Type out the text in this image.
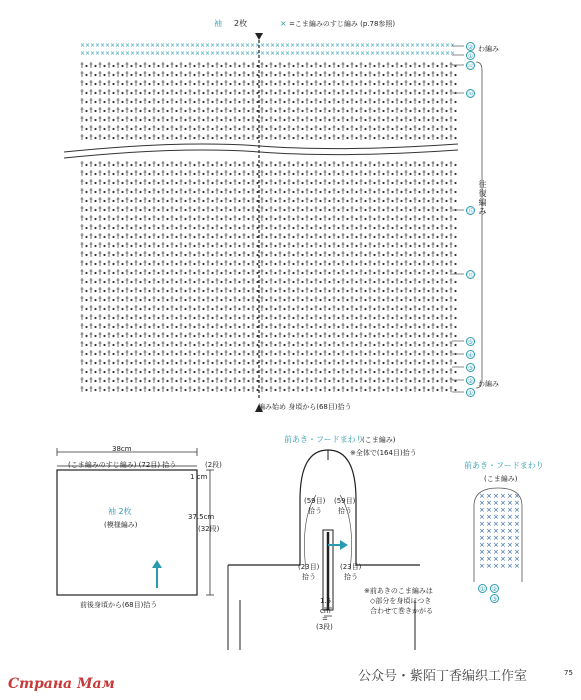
袖 2枚	× =こま編みのすじ編み (p.78参照)
× × × × × × × × × × × × × × × × × × × × × × × × × × × × × × × × × × × × × × × × × × × × × × × × × × × × × × × × × × × × × × × × × × × × × × × × × × ×
× × × × × × × × × × × × × × × × × × × × × × × × × × × × × × × × × × × × × × × × × × × × × × × × × × × × × × × × × × × × × × × × × × × × × × × × × × ×
②
①
㉜
㉚
⑮
⑬
⑤
④
③
②
①
わ編み
往
復
編
み
わ編み
編み始め 身頃から(68目)拾う
38cm
(こま編みのすじ編み) (72目) 拾う
1 cm
(2段)
袖 2枚
(模様編み)
37.5cm
(32段)
前後身頃から(68目)拾う
前あき・フードまわり
(こま編み)
※全体で(164目)拾う
(59目)
拾う
(59目)
拾う
(23目)
拾う
(23目)
拾う
※前あきのこま編みは
◇部分を身頃につき
合わせて巻きかがる
1.5
cm
=
(3段)
前あき・フードまわり
(こま編み)
× × × × × ×
× × × × × ×
× × × × × ×
× × × × × ×
× × × × × ×
× × × × × ×
× × × × × ×
× × × × × ×
× × × × × ×
× × × × × ×
× × × × × ×
①	②
③
Страна Мам	公众号・紫陌丁香编织工作室	75
